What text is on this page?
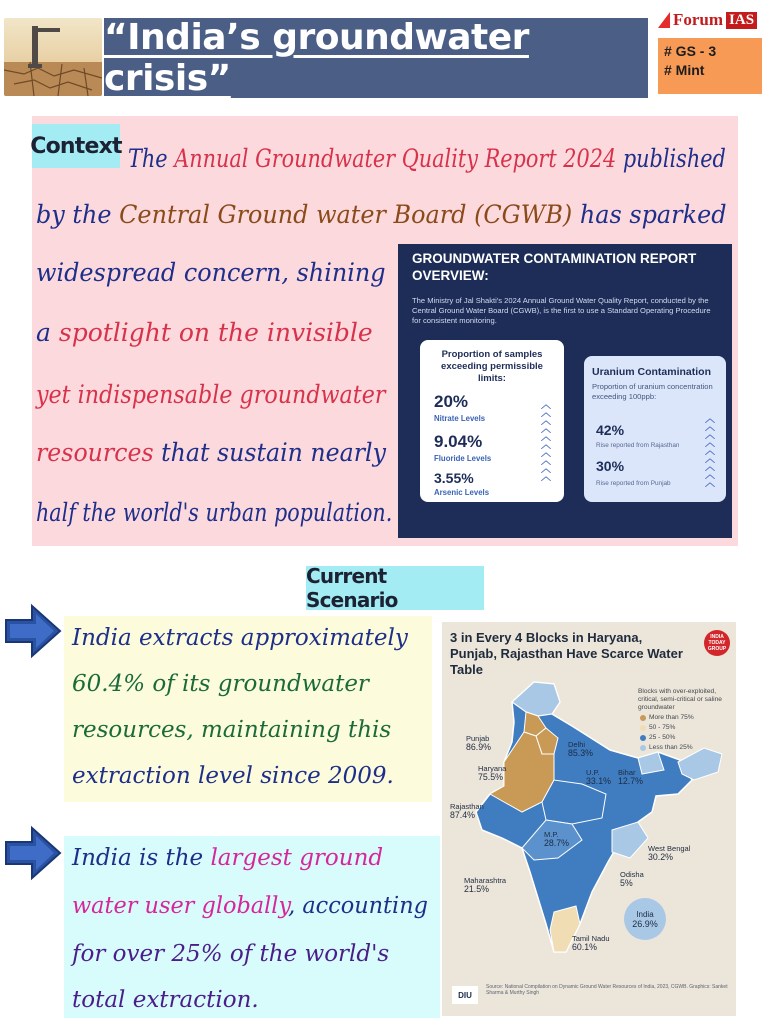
“India’s groundwater crisis”
Forum IAS
# GS - 3
# Mint
Context The Annual Groundwater Quality Report 2024 published
by the Central Ground water Board (CGWB) has sparked
widespread concern, shining
a spotlight on the invisible
yet indispensable groundwater
resources that sustain nearly
half the world's urban population.
GROUNDWATER CONTAMINATION REPORT OVERVIEW:
The Ministry of Jal Shakti's 2024 Annual Ground Water Quality Report, conducted by the Central Ground Water Board (CGWB), is the first to use a Standard Operating Procedure for consistent monitoring.
Proportion of samples exceeding permissible limits:
20%
Nitrate Levels
9.04%
Fluoride Levels
3.55%
Arsenic Levels
︿
︿
︿
︿
︿
︿
︿
︿
︿
︿
Uranium Contamination
Proportion of uranium concentration exceeding 100ppb:
42%
Rise reported from Rajasthan
30%
Rise reported from Punjab
︿
︿
︿
︿
︿
︿
︿
︿
︿
Current Scenario
India extracts approximately
60.4% of its groundwater
resources, maintaining this
extraction level since 2009.
India is the largest ground
water user globally, accounting
for over 25% of the world's
total extraction.
3 in Every 4 Blocks in Haryana, Punjab, Rajasthan Have Scarce Water Table
INDIA TODAY GROUP
Blocks with over-exploited, critical, semi-critical or saline groundwater
More than 75%
50 - 75%
25 - 50%
Less than 25%
Punjab
86.9%	Delhi
85.3%
Haryana
75.5%	U.P.
33.1%
Bihar
12.7%
Rajasthan
87.4%
M.P.
28.7%
West Bengal
30.2%
Maharashtra
21.5%
Odisha
5%
Tamil Nadu
60.1%
India
26.9%
DIU
Source: National Compilation on Dynamic Ground Water Resources of India, 2023, CGWB. Graphics: Sanket Sharma & Murthy Singh
